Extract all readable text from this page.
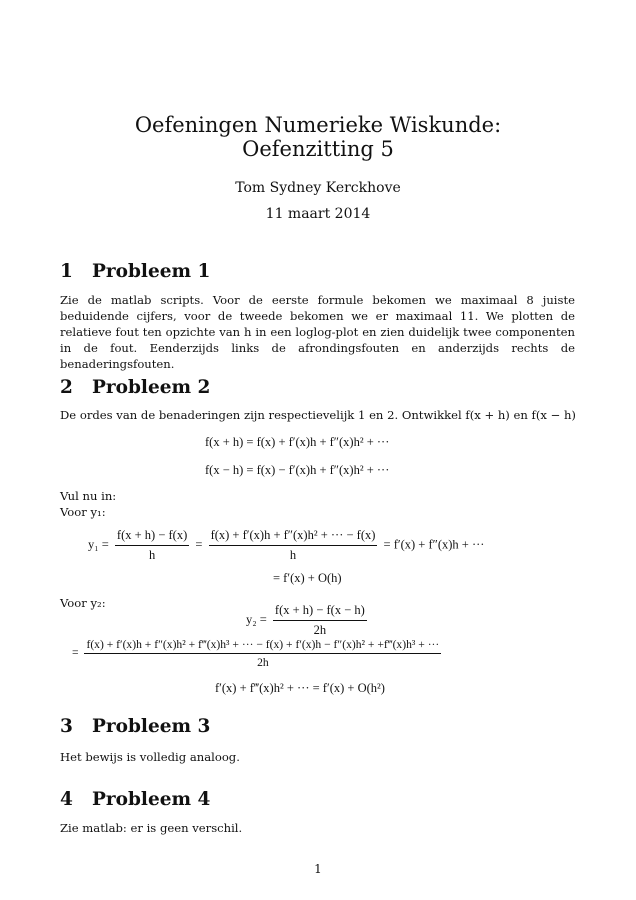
Oefeningen Numerieke Wiskunde:
Oefenzitting 5
Tom Sydney Kerckhove
11 maart 2014
1 Probleem 1
Zie de matlab scripts. Voor de eerste formule bekomen we maximaal 8 juiste beduidende cijfers, voor de tweede bekomen we er maximaal 11. We plotten de relatieve fout ten opzichte van h in een loglog-plot en zien duidelijk twee componenten in de fout. Eenderzijds links de afrondingsfouten en anderzijds rechts de benaderingsfouten.
2 Probleem 2
De ordes van de benaderingen zijn respectievelijk 1 en 2. Ontwikkel f(x + h) en f(x − h)
f(x + h) = f(x) + f′(x)h + f″(x)h² + ···
f(x − h) = f(x) − f′(x)h + f″(x)h² + ···
Vul nu in:
Voor y₁:
$y_1 = \frac{f(x + h) - f(x)}{h} = \frac{\text{f(x) + f′(x)h + f″(x)h² + ··· − f(x)}}{h} = f'(x) + f''(x)h$ + ···
= f′(x) + O(h)
Voor y₂:
$y_2 = \frac{f(x + h) - f(x - h)}{2h}$
=
f(x) + f′(x)h + f″(x)h² + f‴(x)h³ + ··· − f(x) + f′(x)h − f″(x)h² + +f‴(x)h³ + ···
2h
f′(x) + f‴(x)h² + ··· = f′(x) + O(h²)
3 Probleem 3
Het bewijs is volledig analoog.
4 Probleem 4
Zie matlab: er is geen verschil.
1
